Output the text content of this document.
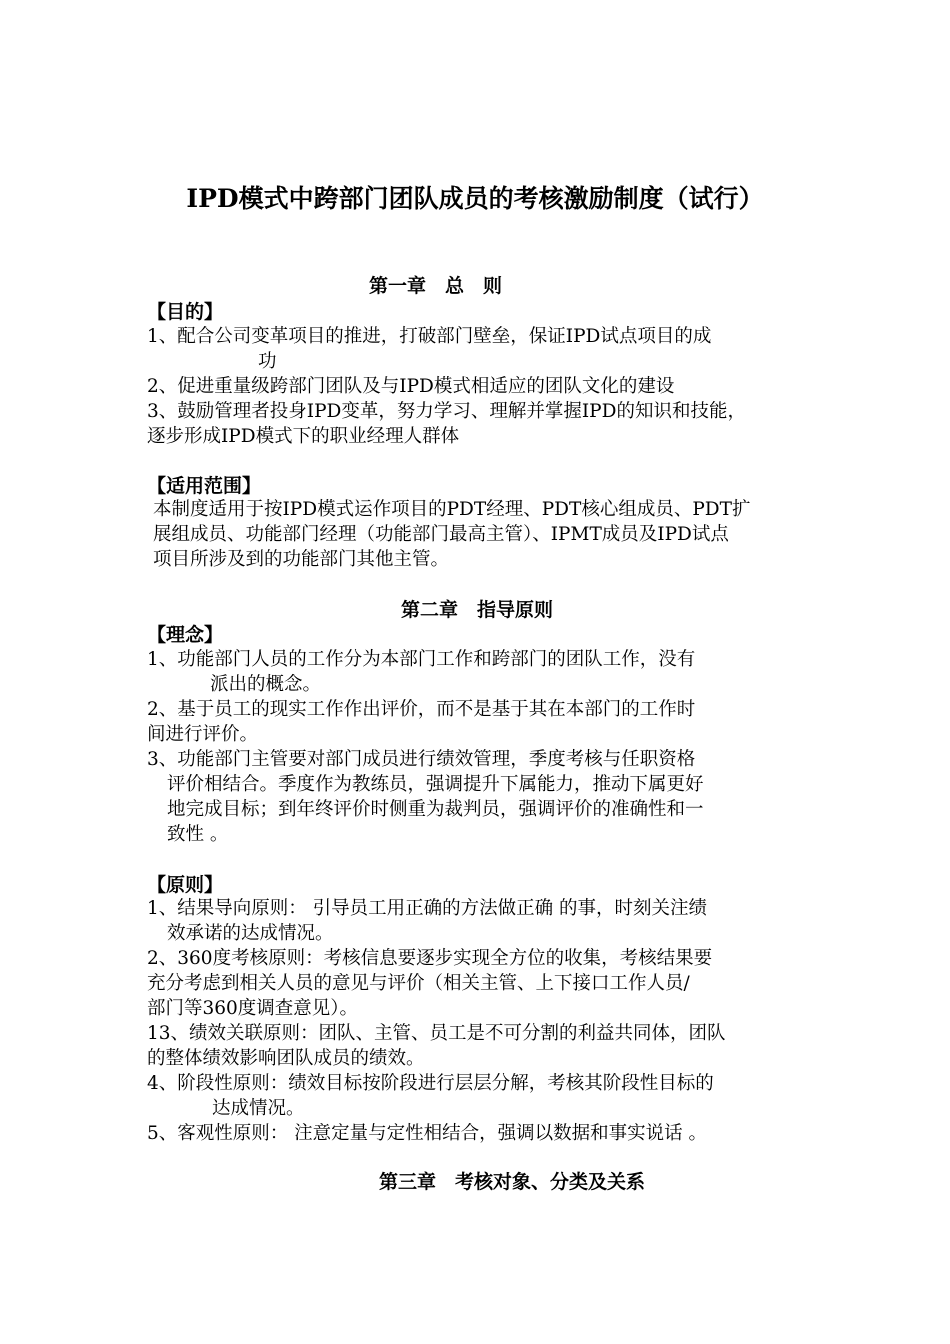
IPD模式中跨部门团队成员的考核激励制度（试行）
第一章　总　则
【目的】
1、配合公司变革项目的推进，打破部门壁垒，保证IPD试点项目的成
功
2、促进重量级跨部门团队及与IPD模式相适应的团队文化的建设
3、鼓励管理者投身IPD变革，努力学习、理解并掌握IPD的知识和技能，
逐步形成IPD模式下的职业经理人群体
【适用范围】
本制度适用于按IPD模式运作项目的PDT经理、PDT核心组成员、PDT扩
展组成员、功能部门经理（功能部门最高主管）、IPMT成员及IPD试点
项目所涉及到的功能部门其他主管。
第二章　指导原则
【理念】
1、功能部门人员的工作分为本部门工作和跨部门的团队工作，没有
派出的概念。
2、基于员工的现实工作作出评价，而不是基于其在本部门的工作时
间进行评价。
3、功能部门主管要对部门成员进行绩效管理，季度考核与任职资格
评价相结合。季度作为教练员，强调提升下属能力，推动下属更好
地完成目标；到年终评价时侧重为裁判员，强调评价的准确性和一
致性 。
【原则】
1、结果导向原则： 引导员工用正确的方法做正确 的事，时刻关注绩
效承诺的达成情况。
2、360度考核原则：考核信息要逐步实现全方位的收集，考核结果要
充分考虑到相关人员的意见与评价（相关主管、上下接口工作人员/
部门等360度调查意见）。
13、绩效关联原则：团队、主管、员工是不可分割的利益共同体，团队
的整体绩效影响团队成员的绩效。
4、阶段性原则：绩效目标按阶段进行层层分解，考核其阶段性目标的
达成情况。
5、客观性原则： 注意定量与定性相结合，强调以数据和事实说话 。
第三章　考核对象、分类及关系
